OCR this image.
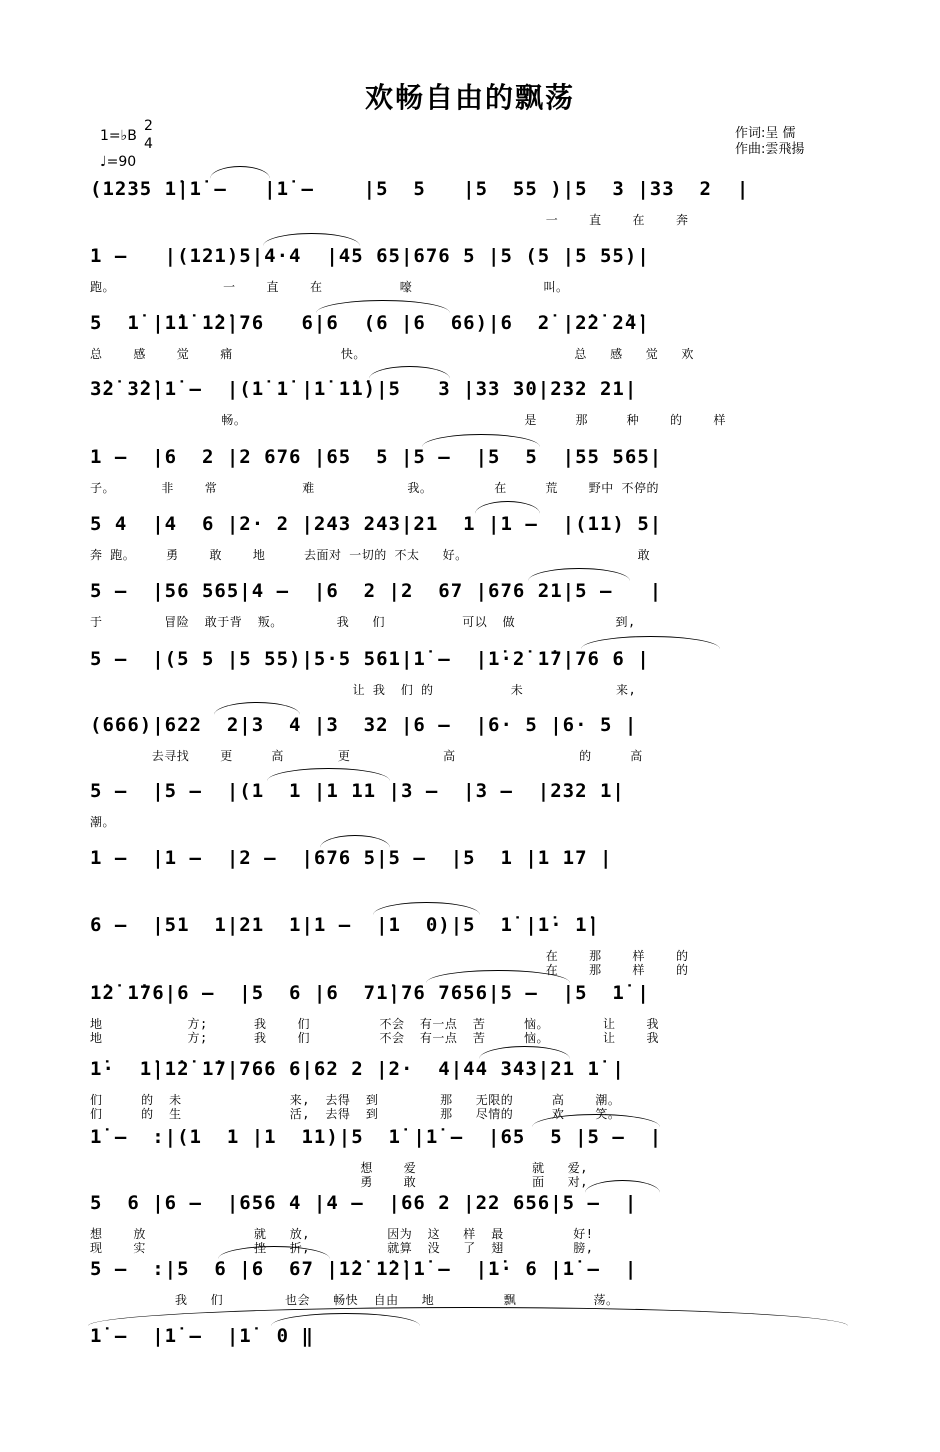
欢畅自由的飘荡
1=♭B
2
4
♩=90
作词:呈 儒
作曲:雲飛揚
(1235 1̇|1̇ –   |1̇ –    |5  5   |5  55 )|5  3 |33  2  |
一    直    在    奔
1 –   |(121)5|4·4  |45 65|676 5 |5 (5 |5 55)|
跑。              一    直    在          嚎                 叫。
5  1̇ |1̇1̇ 1̇2̇|76   6|6  (6 |6  66)|6  2̇ |2̇2̇ 2̇4̇|
总    感    觉    痛              快。                           总   感   觉   欢
3̇2̇ 3̇2̇|1̇ –  |(1̇ 1̇ |1̇ 1̇1̇)|5   3 |33 30|232 21|
畅。                                    是     那     种    的    样
1 –  |6  2 |2 676 |65  5 |5 –  |5  5  |55 565|
子。      非    常           难            我。        在     荒    野中 不停的
5 4  |4  6 |2· 2 |243 243|21  1 |1 –  |(11) 5|
奔 跑。    勇    敢    地     去面对 一切的 不太   好。                      敢
5 –  |56 565|4 –  |6  2 |2  67 |676 21|5 –   |
于        冒险  敢于背  叛。       我   们          可以  做             到,
5 –  |(5 5 |5 55)|5·5 561|1̇ –  |1̇·2̇ 1̇7|76 6 |
让 我  们 的          未            来,
(666)|622  2|3  4 |3  32 |6 –  |6· 5 |6· 5 |
去寻找    更     高       更            高                的     高
5 –  |5 –  |(1  1 |1 11 |3 –  |3 –  |232 1|
潮。
1 –  |1 –  |2 –  |676 5|5 –  |5  1 |1 17 |
6 –  |51  1|21  1|1 –  |1  0)|5  1̇ |1̇· 1̇|
在    那    样    的
在    那    样    的
1̇2̇ 1̇76|6 –  |5  6 |6  71̇|76 7656|5 –  |5  1̇ |
地           方;      我    们         不会  有一点  苦     恼。       让    我
地           方;      我    们         不会  有一点  苦     恼。       让    我
1̇·  1̇|1̇2̇ 1̇7|766 6|62 2 |2·  4|44 343|21 1̇ |
们     的  未              来,  去得  到        那   无限的     高    潮。
们     的  生              活,  去得  到        那   尽情的     欢    笑。
1̇ –  :|(1  1 |1  11)|5  1̇ |1̇ –  |65  5 |5 –  |
想    爱               就   爱,
勇    敢               面   对,
5  6 |6 –  |656 4 |4 –  |66 2 |22 656|5 –  |
想    放              就   放,          因为  这   样  最         好!
现    实              挫   折,          就算  没   了  翅         膀,
5 –  :|5  6 |6  67 |1̇2̇ 1̇2̇|1̇ –  |1̇· 6 |1̇ –  |
我   们        也会   畅快  自由   地         飘          荡。
1̇ –  |1̇ –  |1̇  0 ‖
